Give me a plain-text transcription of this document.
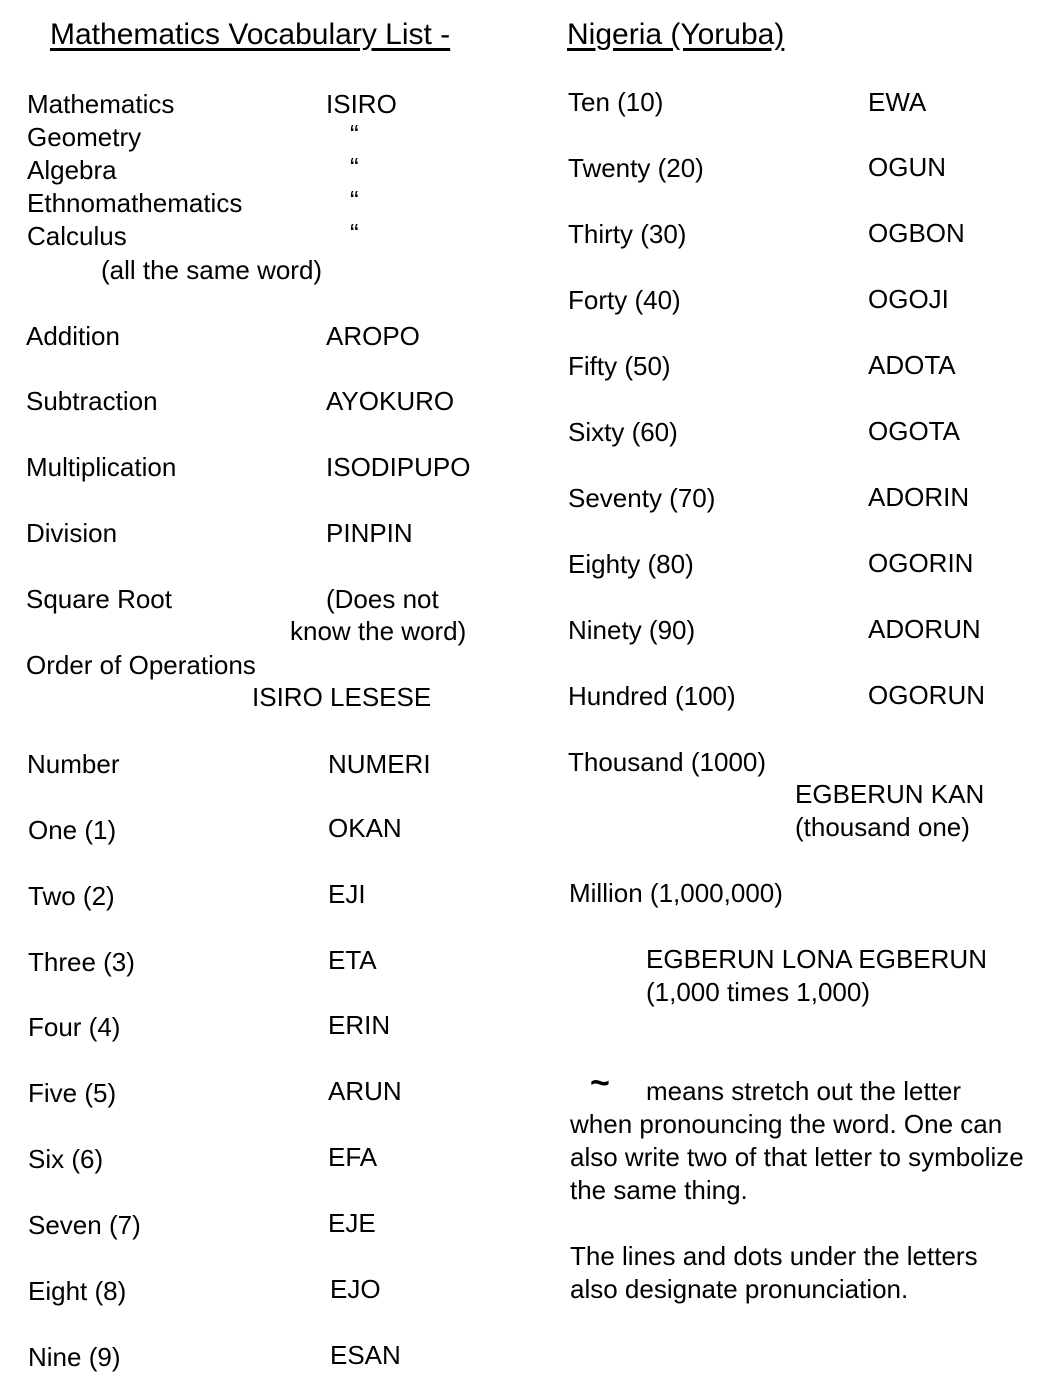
Mathematics Vocabulary List -	Nigeria (Yoruba)
Mathematics	ISIRO
Geometry	“
Algebra	“
Ethnomathematics	“
Calculus	“
(all the same word)
Addition	AROPO
Subtraction	AYOKURO
Multiplication	ISODIPUPO
Division	PINPIN
Square Root	(Does not
know the word)
Order of Operations
ISIRO LESESE
Number	NUMERI
One (1)	OKAN
Two (2)	EJI
Three (3)	ETA
Four (4)	ERIN
Five (5)	ARUN
Six (6)	EFA
Seven (7)	EJE
Eight (8)	EJO
Nine (9)	ESAN
Ten (10)	EWA
Twenty (20)	OGUN
Thirty (30)	OGBON
Forty (40)	OGOJI
Fifty (50)	ADOTA
Sixty (60)	OGOTA
Seventy (70)	ADORIN
Eighty (80)	OGORIN
Ninety (90)	ADORUN
Hundred (100)	OGORUN
Thousand (1000)
EGBERUN KAN
(thousand one)
Million (1,000,000)
EGBERUN LONA EGBERUN
(1,000 times 1,000)
~ means stretch out the letter
when pronouncing the word. One can also write two of that letter to symbolize the same thing.
The lines and dots under the letters also designate pronunciation.
